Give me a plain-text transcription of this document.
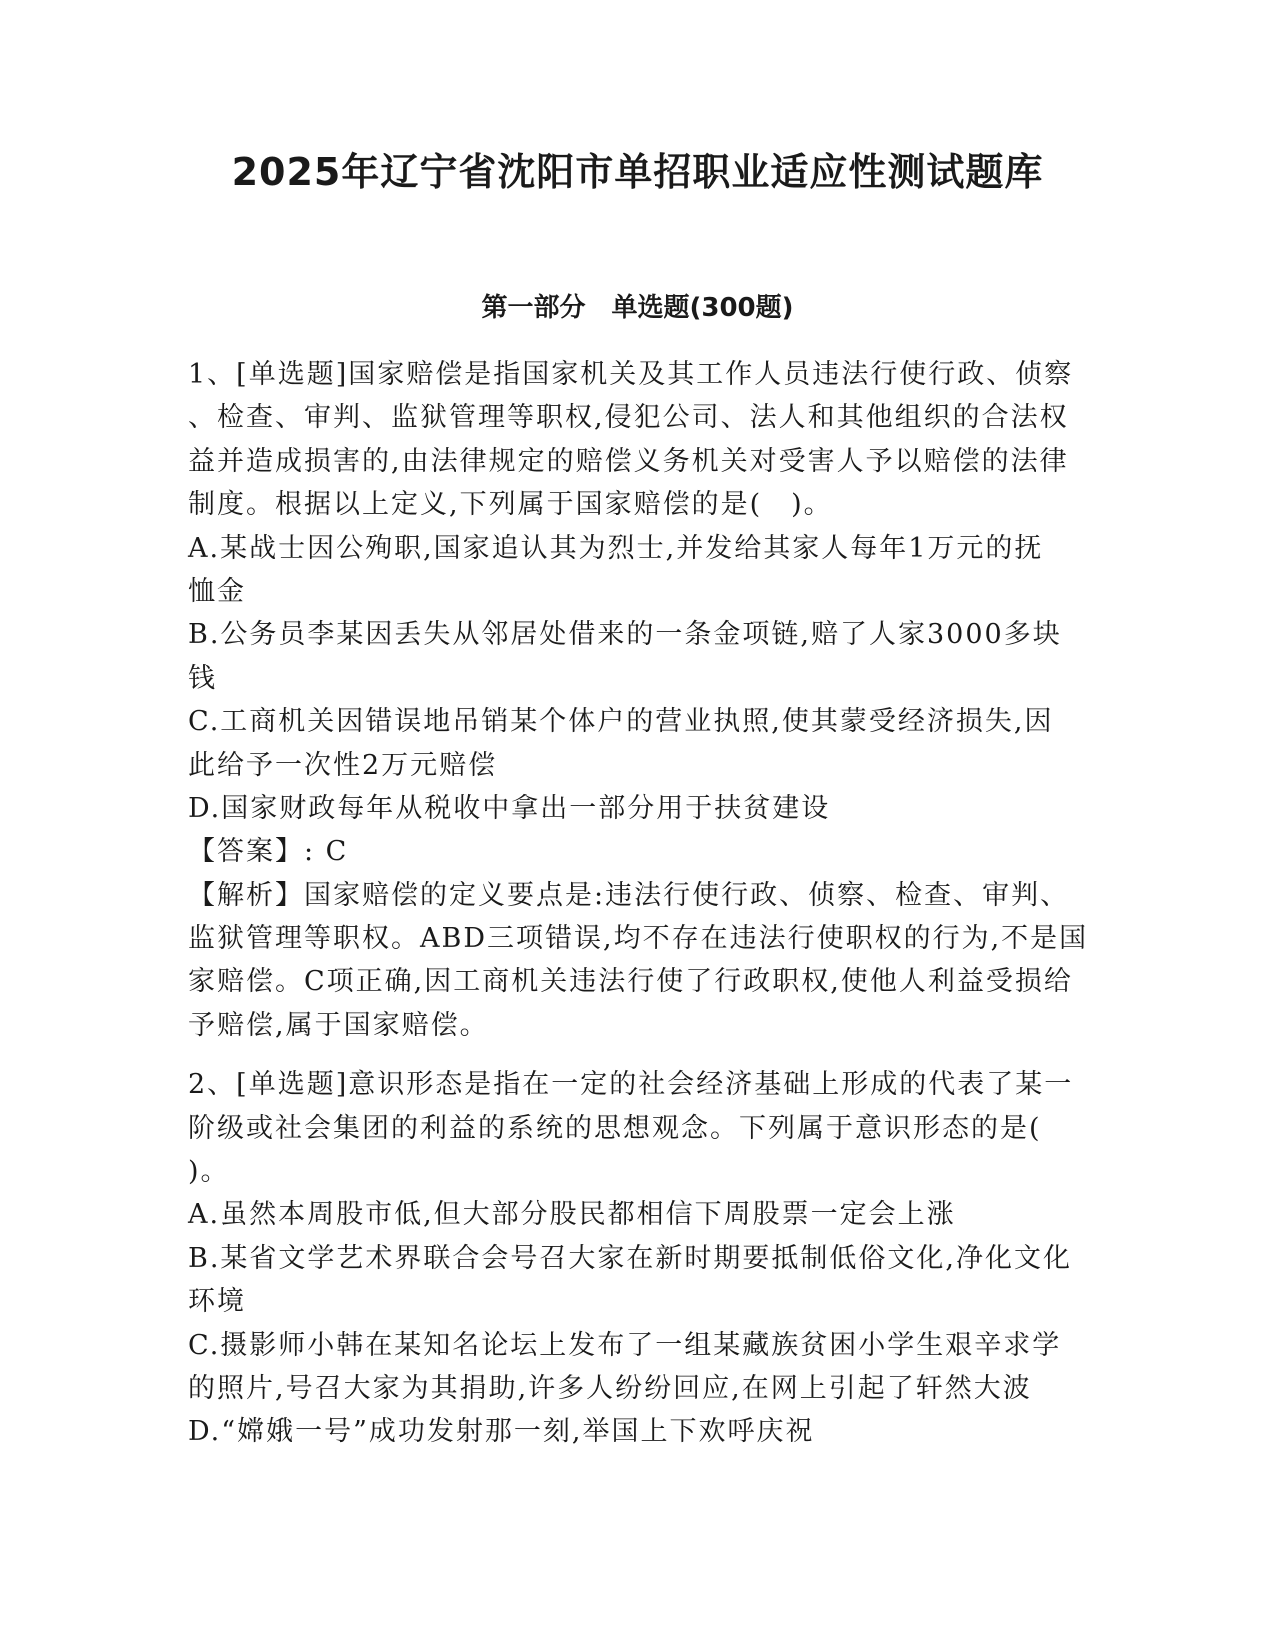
2025年辽宁省沈阳市单招职业适应性测试题库
第一部分　单选题(300题)
1、[单选题]国家赔偿是指国家机关及其工作人员违法行使行政、侦察
、检查、审判、监狱管理等职权,侵犯公司、法人和其他组织的合法权
益并造成损害的,由法律规定的赔偿义务机关对受害人予以赔偿的法律
制度。根据以上定义,下列属于国家赔偿的是(　)。
A.某战士因公殉职,国家追认其为烈士,并发给其家人每年1万元的抚
恤金
B.公务员李某因丢失从邻居处借来的一条金项链,赔了人家3000多块
钱
C.工商机关因错误地吊销某个体户的营业执照,使其蒙受经济损失,因
此给予一次性2万元赔偿
D.国家财政每年从税收中拿出一部分用于扶贫建设
【答案】: C
【解析】国家赔偿的定义要点是:违法行使行政、侦察、检查、审判、
监狱管理等职权。ABD三项错误,均不存在违法行使职权的行为,不是国
家赔偿。C项正确,因工商机关违法行使了行政职权,使他人利益受损给
予赔偿,属于国家赔偿。
2、[单选题]意识形态是指在一定的社会经济基础上形成的代表了某一
阶级或社会集团的利益的系统的思想观念。下列属于意识形态的是(
)。
A.虽然本周股市低,但大部分股民都相信下周股票一定会上涨
B.某省文学艺术界联合会号召大家在新时期要抵制低俗文化,净化文化
环境
C.摄影师小韩在某知名论坛上发布了一组某藏族贫困小学生艰辛求学
的照片,号召大家为其捐助,许多人纷纷回应,在网上引起了轩然大波
D.“嫦娥一号”成功发射那一刻,举国上下欢呼庆祝
